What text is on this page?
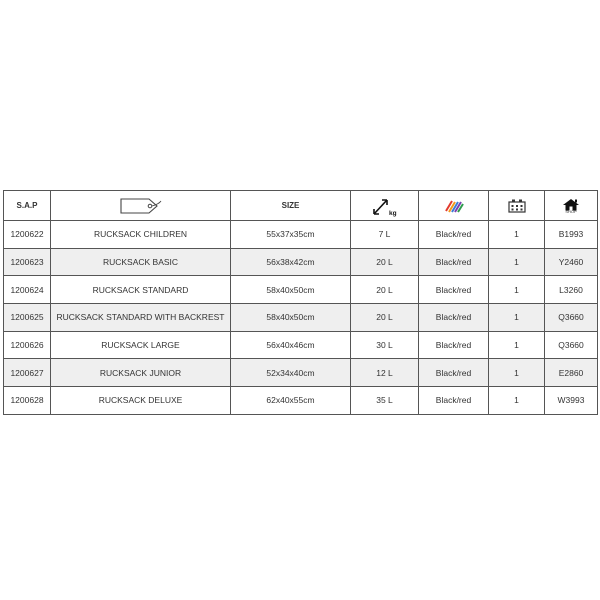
S.A.P		SIZE	kg			SHOP

1200622	RUCKSACK CHILDREN	55x37x35cm	7 L	Black/red	1	B1993
1200623	RUCKSACK BASIC	56x38x42cm	20 L	Black/red	1	Y2460
1200624	RUCKSACK STANDARD	58x40x50cm	20 L	Black/red	1	L3260
1200625	RUCKSACK STANDARD WITH BACKREST	58x40x50cm	20 L	Black/red	1	Q3660
1200626	RUCKSACK LARGE	56x40x46cm	30 L	Black/red	1	Q3660
1200627	RUCKSACK JUNIOR	52x34x40cm	12 L	Black/red	1	E2860
1200628	RUCKSACK DELUXE	62x40x55cm	35 L	Black/red	1	W3993
